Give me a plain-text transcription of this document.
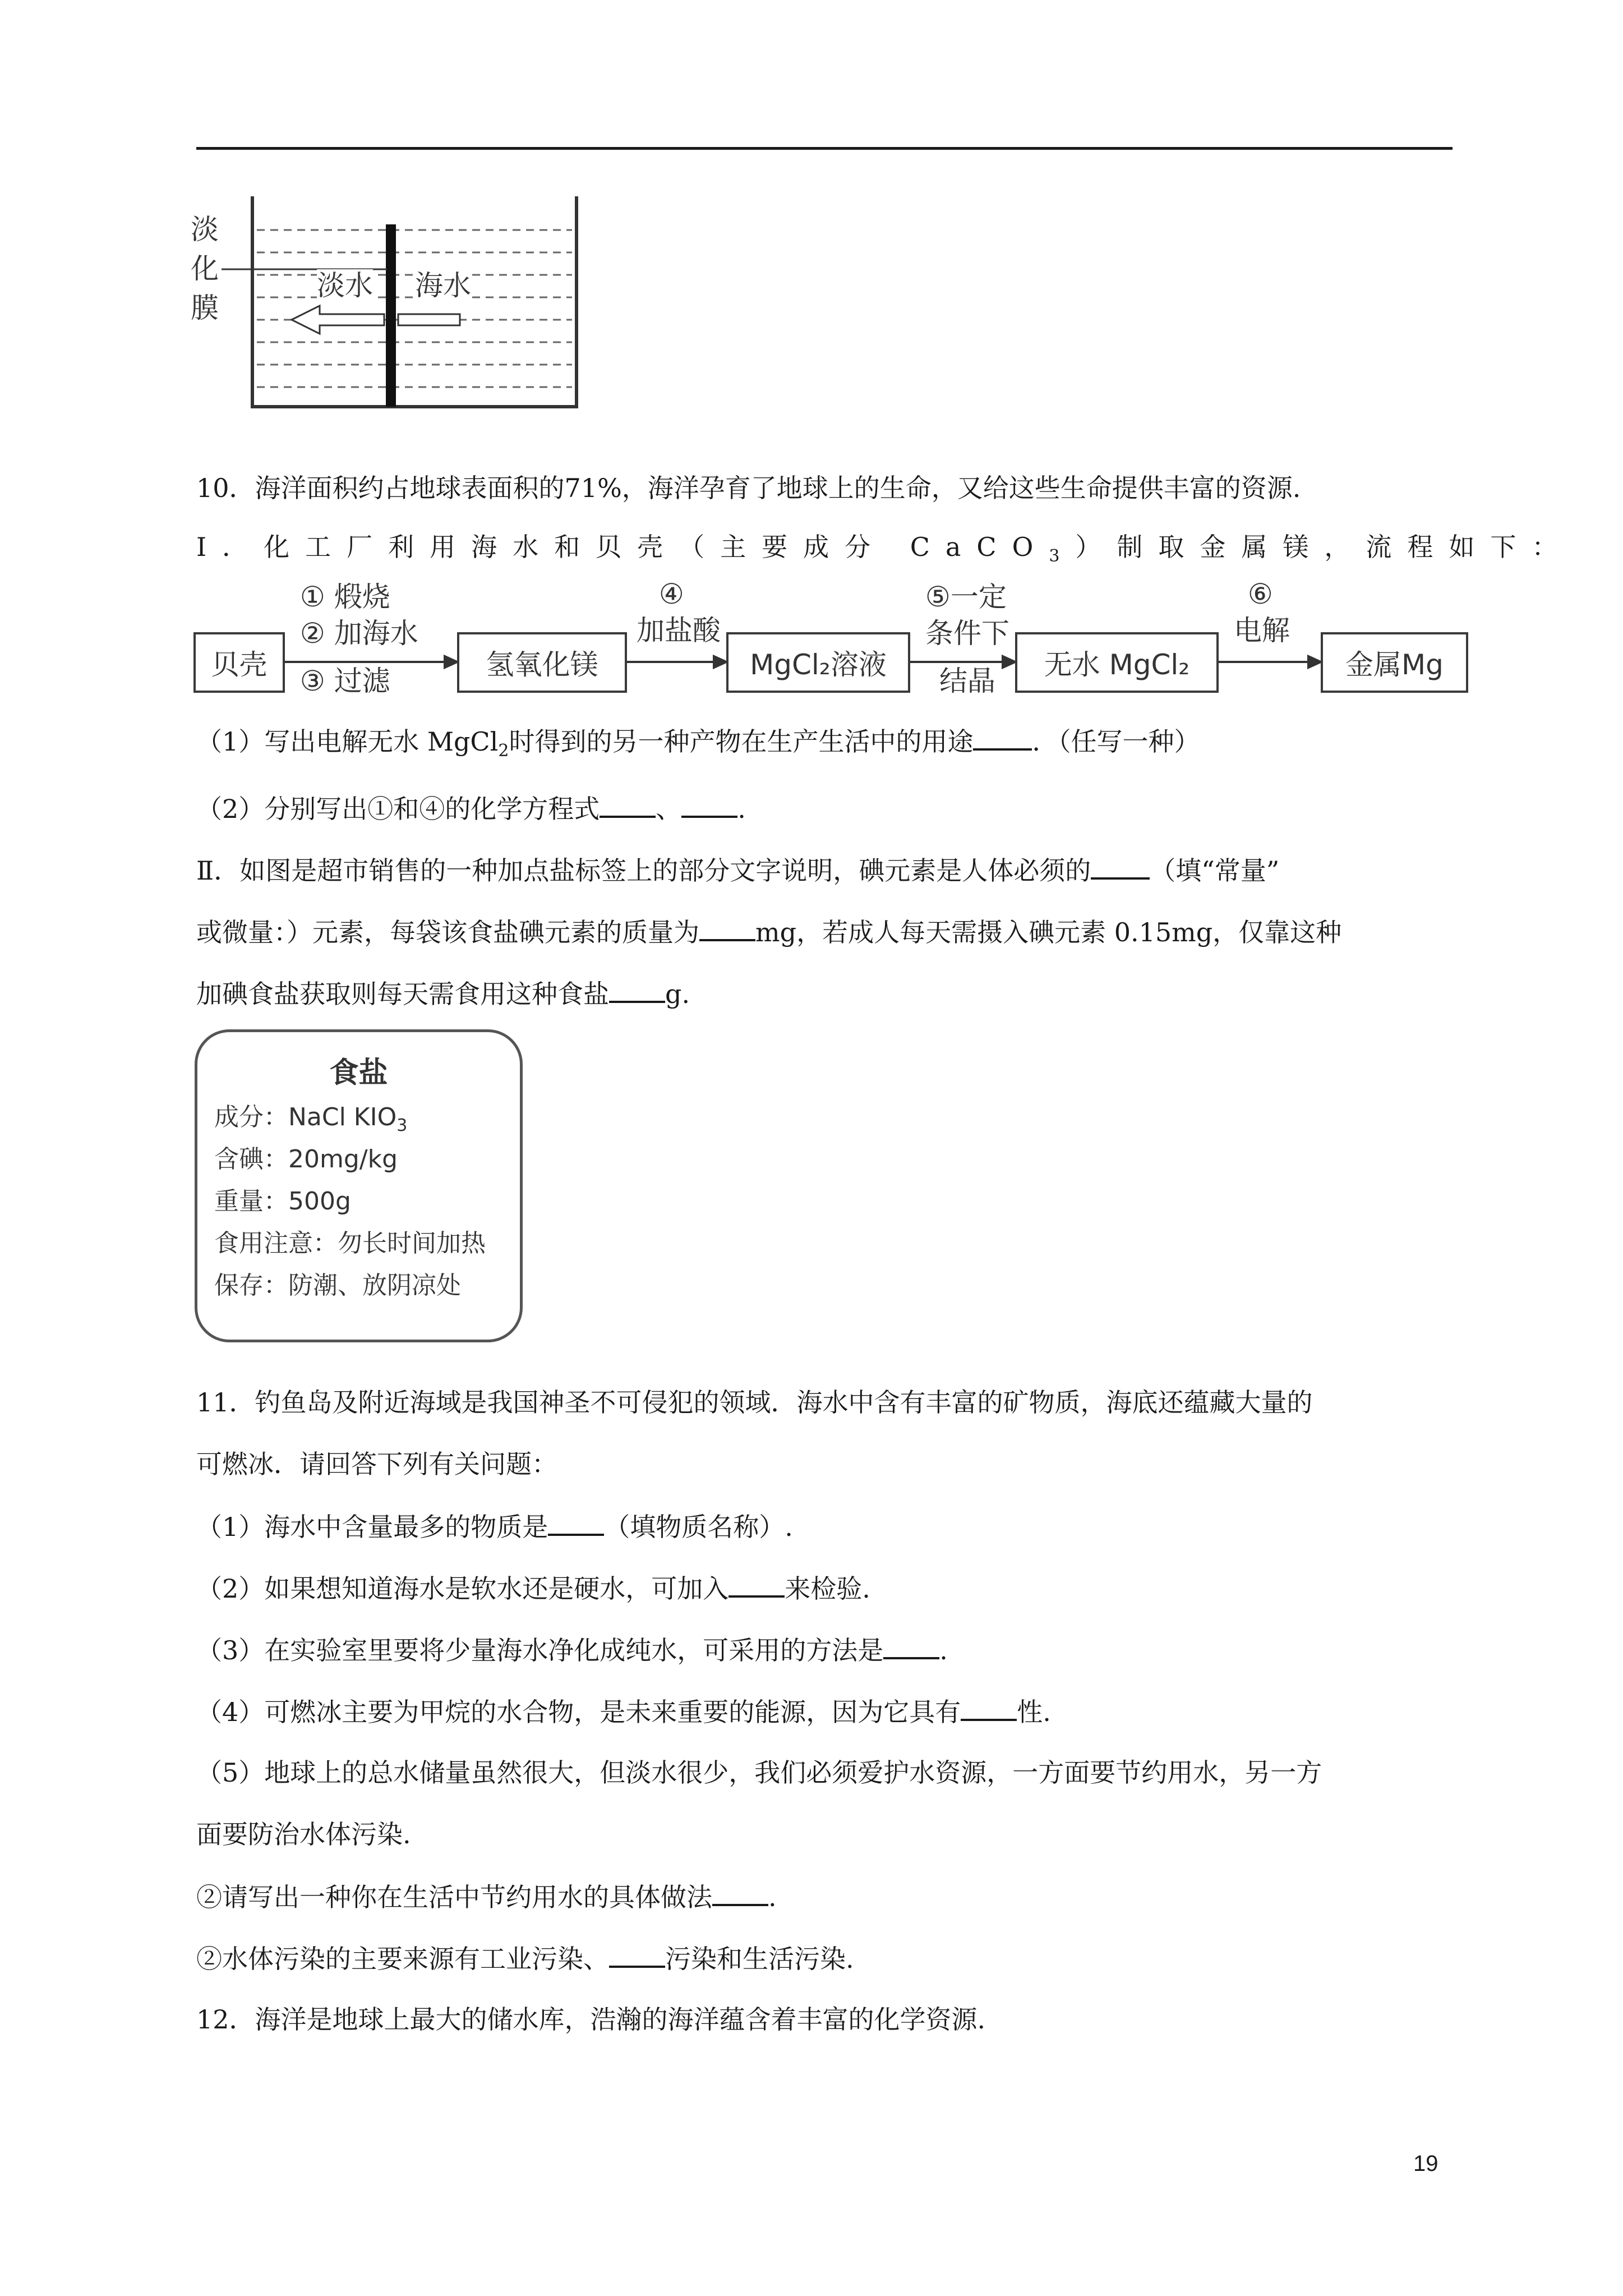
淡
化
膜
淡水 海水
10．海洋面积约占地球表面积的71%，海洋孕育了地球上的生命，又给这些生命提供丰富的资源.
Ⅰ．化工厂利用海水和贝壳（主要成分 CaCO$_3$）制取金属镁，流程如下：
贝壳	氢氧化镁	MgCl₂溶液	无水 MgCl₂	金属Mg
① 煅烧
② 加海水
③ 过滤
④
加盐酸
⑤一定
条件下
结晶
⑥
电解
（1）写出电解无水 MgCl$_2$时得到的另一种产物在生产生活中的用途 ．（任写一种）
（2）分别写出①和④的化学方程式 、 .
Ⅱ．如图是超市销售的一种加点盐标签上的部分文字说明，碘元素是人体必须的 （填“常量”
或微量：）元素，每袋该食盐碘元素的质量为 mg，若成人每天需摄入碘元素 0.15mg，仅靠这种
加碘食盐获取则每天需食用这种食盐 g.
食盐
成分：NaCl $KIO_3$
含碘：20mg/kg
重量：500g
食用注意：勿长时间加热
保存：防潮、放阴凉处
11．钓鱼岛及附近海域是我国神圣不可侵犯的领域．海水中含有丰富的矿物质，海底还蕴藏大量的
可燃冰．请回答下列有关问题：
（1）海水中含量最多的物质是 （填物质名称）.
（2）如果想知道海水是软水还是硬水，可加入 来检验.
（3）在实验室里要将少量海水净化成纯水，可采用的方法是 .
（4）可燃冰主要为甲烷的水合物，是未来重要的能源，因为它具有 性.
（5）地球上的总水储量虽然很大，但淡水很少，我们必须爱护水资源，一方面要节约用水，另一方
面要防治水体污染.
②请写出一种你在生活中节约用水的具体做法 .
②水体污染的主要来源有工业污染、 污染和生活污染.
12．海洋是地球上最大的储水库，浩瀚的海洋蕴含着丰富的化学资源.
19
